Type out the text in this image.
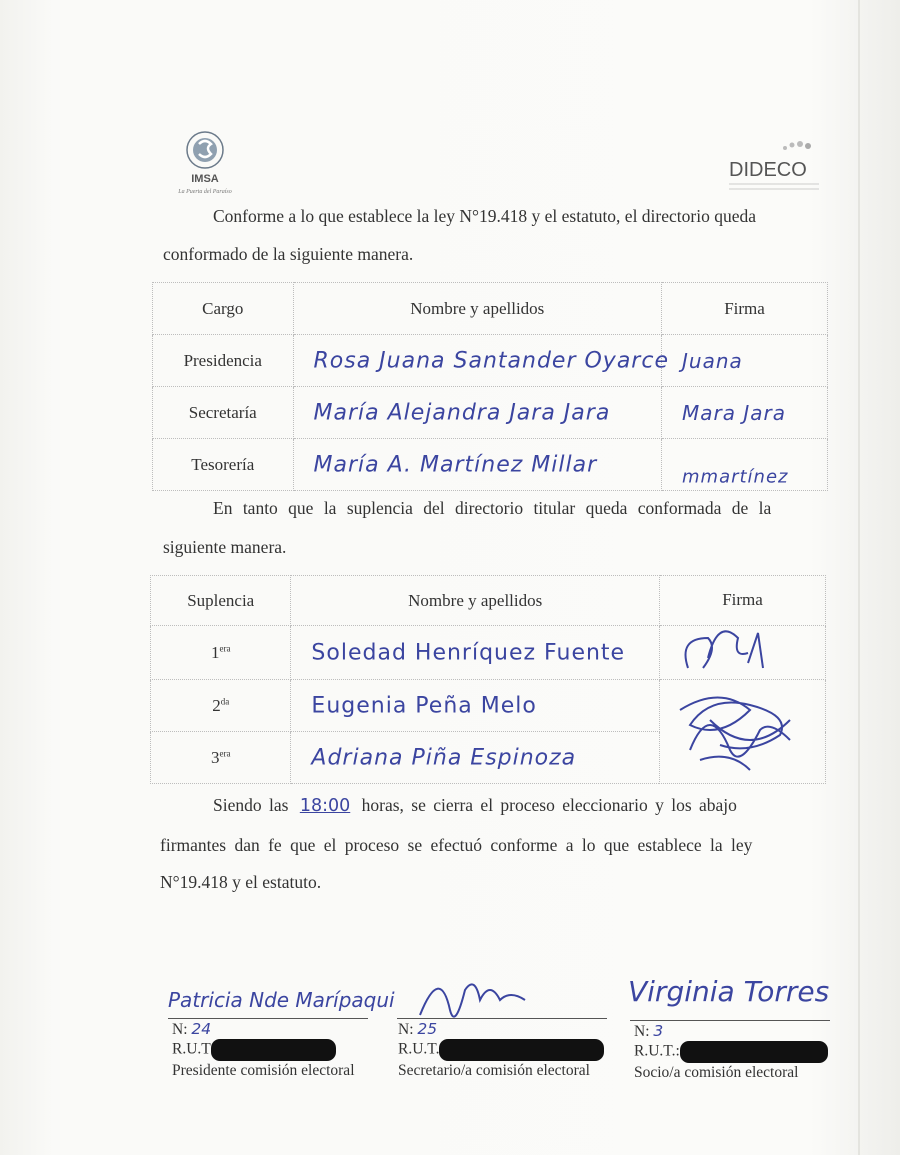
IMSA
La Puerta del Paraíso
DIDECO
Conforme a lo que establece la ley N°19.418 y el estatuto, el directorio queda
conformado de la siguiente manera.
Cargo	Nombre y apellidos	Firma
Presidencia	Rosa Juana Santander Oyarce	Juana

Secretaría	María Alejandra Jara Jara	Mara Jara

Tesorería	María A. Martínez Millar	mmartínez
En tanto que la suplencia del directorio titular queda conformada de la
siguiente manera.
Suplencia	Nombre y apellidos	Firma
$1^{era}$	Soledad Henríquez Fuente

$2^{da}$	Eugenia Peña Melo

$3^{era}$	Adriana Piña Espinoza	
Siendo las 18:00 horas, se cierra el proceso eleccionario y los abajo
firmantes dan fe que el proceso se efectuó conforme a lo que establece la ley
N°19.418 y el estatuto.
Patricia Nde Marípaqui
N: 24
R.U.T
Presidente comisión electoral
N: 25
R.U.T.
Secretario/a comisión electoral
Virginia Torres
N: 3
R.U.T.:
Socio/a comisión electoral
